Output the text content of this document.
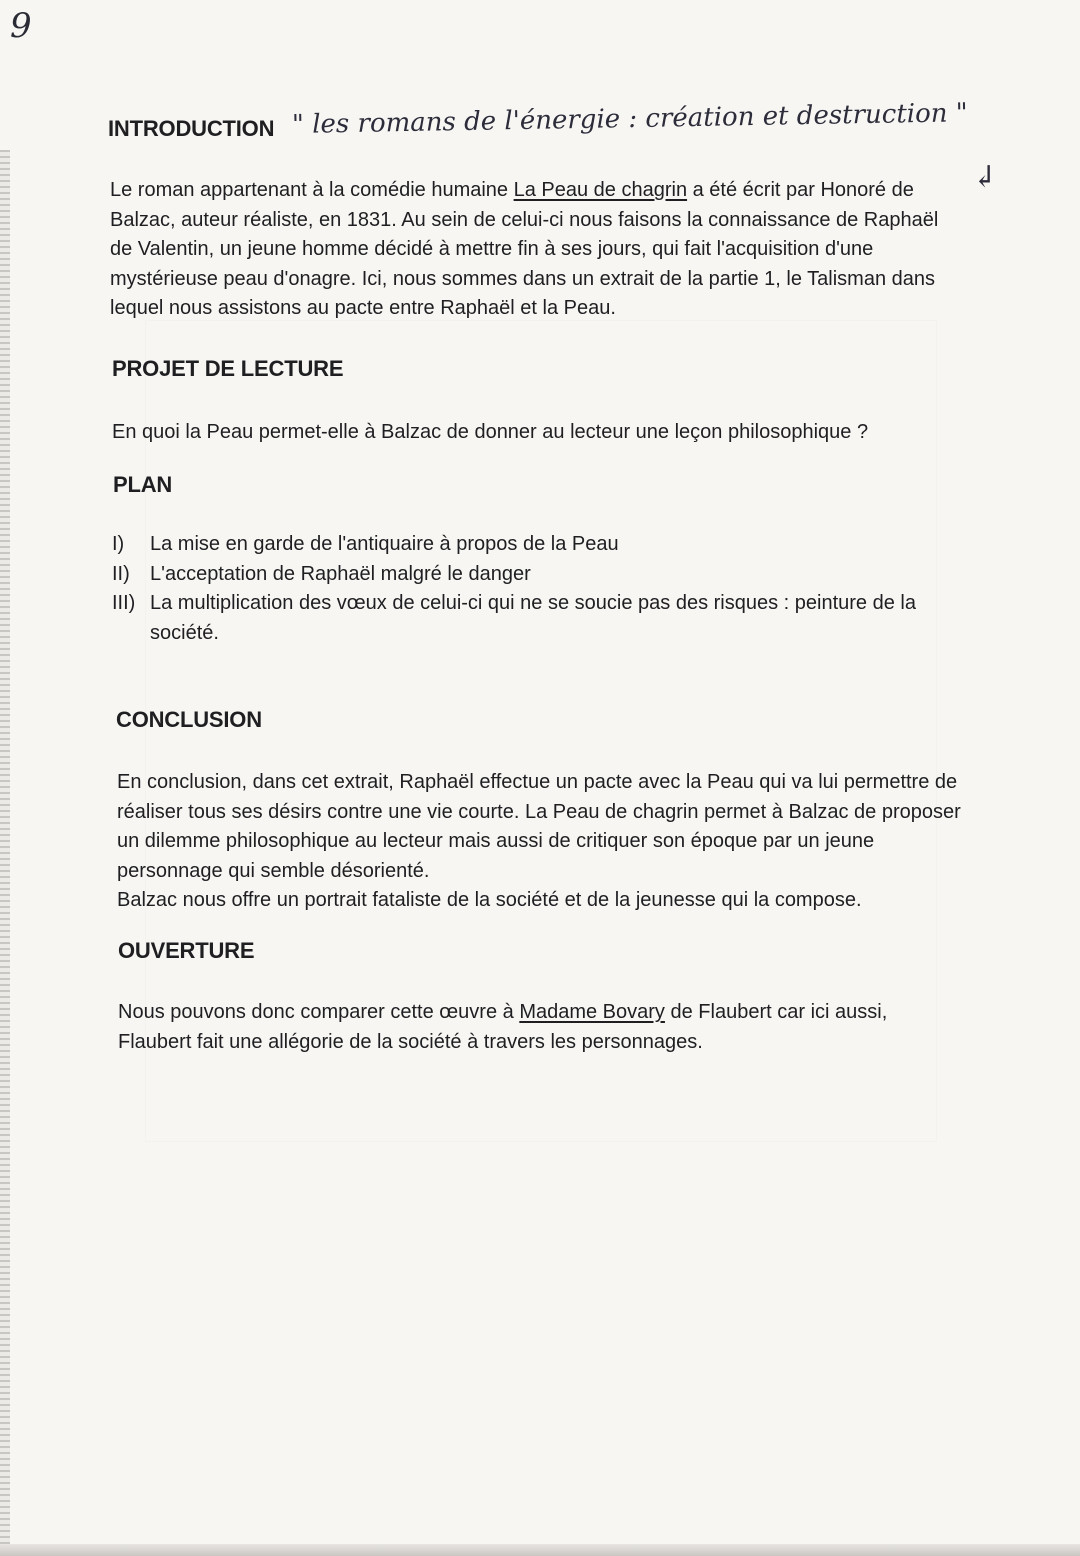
9
INTRODUCTION " les romans de l'énergie : création et destruction "
↲

Le roman appartenant à la comédie humaine La Peau de chagrin a été écrit par Honoré de Balzac, auteur réaliste, en 1831. Au sein de celui-ci nous faisons la connaissance de Raphaël de Valentin, un jeune homme décidé à mettre fin à ses jours, qui fait l'acquisition d'une mystérieuse peau d'onagre. Ici, nous sommes dans un extrait de la partie 1, le Talisman dans lequel nous assistons au pacte entre Raphaël et la Peau.

PROJET DE LECTURE

En quoi la Peau permet-elle à Balzac de donner au lecteur une leçon philosophique ?

PLAN
I)	La mise en garde de l'antiquaire à propos de la Peau
II)	L'acceptation de Raphaël malgré le danger
III) La multiplication des vœux de celui-ci qui ne se soucie pas des risques : peinture de la société.
CONCLUSION

En conclusion, dans cet extrait, Raphaël effectue un pacte avec la Peau qui va lui permettre de réaliser tous ses désirs contre une vie courte. La Peau de chagrin permet à Balzac de proposer un dilemme philosophique au lecteur mais aussi de critiquer son époque par un jeune personnage qui semble désorienté.

Balzac nous offre un portrait fataliste de la société et de la jeunesse qui la compose.

OUVERTURE

Nous pouvons donc comparer cette œuvre à Madame Bovary de Flaubert car ici aussi, Flaubert fait une allégorie de la société à travers les personnages.
